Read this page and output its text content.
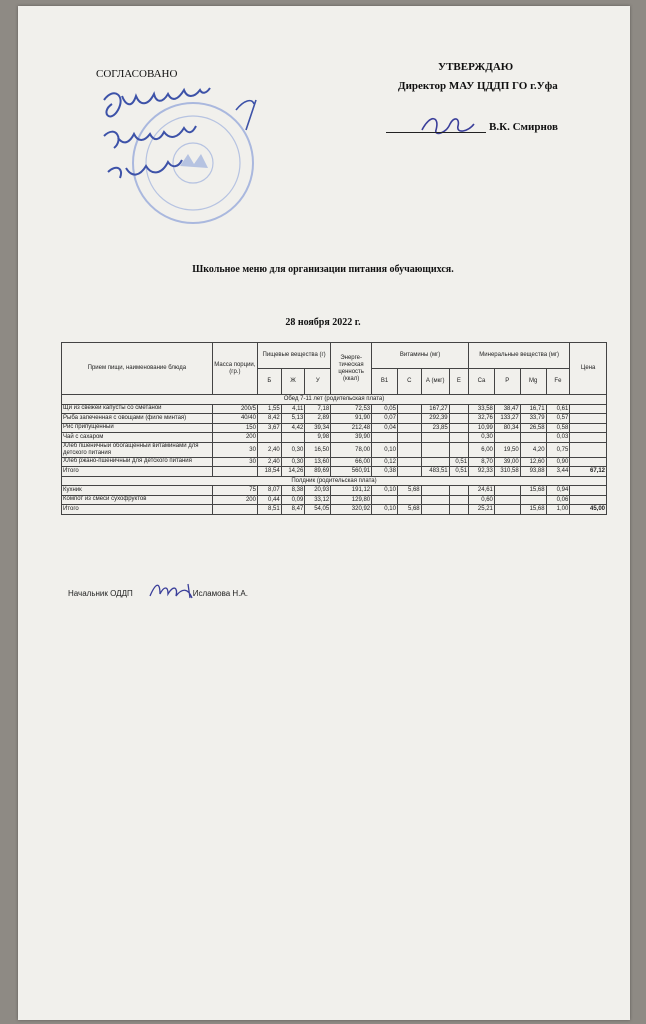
СОГЛАСОВАНО
УТВЕРЖДАЮ
Директор МАУ ЦДДП ГО г.Уфа
В.К. Смирнов
Школьное меню для организации питания обучающихся.
28 ноября 2022 г.
Прием пищи, наименование блюда	Масса порции, (гр.)	Пищевые вещества (г)			Энерге-тическая ценность (ккал)	Витамины (мг)				Минеральные вещества (мг)				Цена
		Б	Ж	У		В1	С	А (мкг)	Е	Са	Р	Mg	Fe	
Обед 7-11 лет (родительская плата)														
Щи из свежей капусты со сметаной	200/5	1,55	4,11	7,18	72,53	0,05		167,27		33,58	38,47	16,71	0,61	
Рыба запеченная с овощами (филе минтая)	40/40	8,42	5,13	2,89	91,90	0,07		292,39		32,76	133,27	33,79	0,57	
Рис припущенный	150	3,67	4,42	39,34	212,48	0,04		23,85		10,99	80,34	26,58	0,58	
Чай с сахаром	200			9,98	39,90					0,30			0,03	
Хлеб пшеничный обогащенный витаминами для детского питания	30	2,40	0,30	16,50	78,00	0,10				6,00	19,50	4,20	0,75	
Хлеб ржано-пшеничный для детского питания	30	2,40	0,30	13,60	66,00	0,12			0,51	8,70	39,00	12,60	0,90	
Итого		18,54	14,26	89,69	560,91	0,38		483,51	0,51	92,33	310,58	93,88	3,44	67,12
Полдник (родительская плата)														
Кухник	75	8,07	8,38	20,93	191,12	0,10	5,68			24,61		15,68	0,94	
Компот из смеси сухофруктов	200	0,44	0,09	33,12	129,80					0,60			0,06	
Итого		8,51	8,47	54,05	320,92	0,10	5,68			25,21		15,68	1,00	45,00
Начальник ОДДП	Исламова Н.А.
